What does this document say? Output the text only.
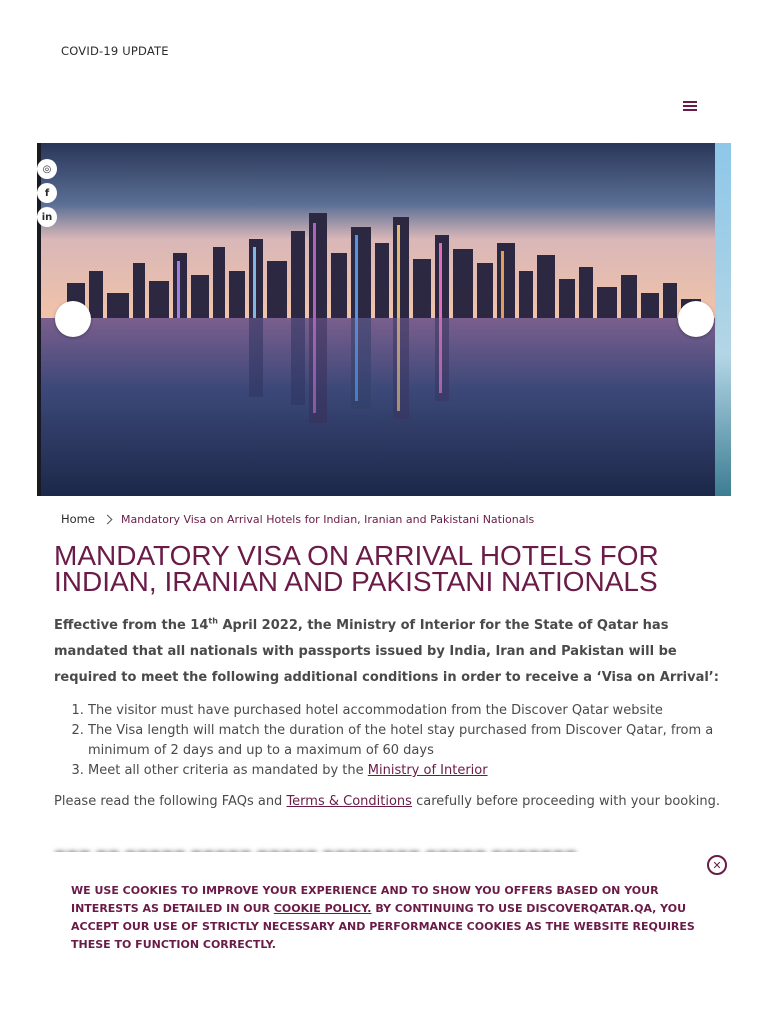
COVID-19 UPDATE
◎
f
in
Home Mandatory Visa on Arrival Hotels for Indian, Iranian and Pakistani Nationals
MANDATORY VISA ON ARRIVAL HOTELS FOR INDIAN, IRANIAN AND PAKISTANI NATIONALS

Effective from the 14th April 2022, the Ministry of Interior for the State of Qatar has mandated that all nationals with passports issued by India, Iran and Pakistan will be required to meet the following additional conditions in order to receive a ‘Visa on Arrival’:

1. The visitor must have purchased hotel accommodation from the Discover Qatar website
2. The Visa length will match the duration of the hotel stay purchased from Discover Qatar, from a minimum of 2 days and up to a maximum of 60 days
3. Meet all other criteria as mandated by the Ministry of Interior

Please read the following FAQs and Terms & Conditions carefully before proceeding with your booking.

✕

WE USE COOKIES TO IMPROVE YOUR EXPERIENCE AND TO SHOW YOU OFFERS BASED ON YOUR INTERESTS AS DETAILED IN OUR COOKIE POLICY. BY CONTINUING TO USE DISCOVERQATAR.QA, YOU ACCEPT OUR USE OF STRICTLY NECESSARY AND PERFORMANCE COOKIES AS THE WEBSITE REQUIRES THESE TO FUNCTION CORRECTLY.
